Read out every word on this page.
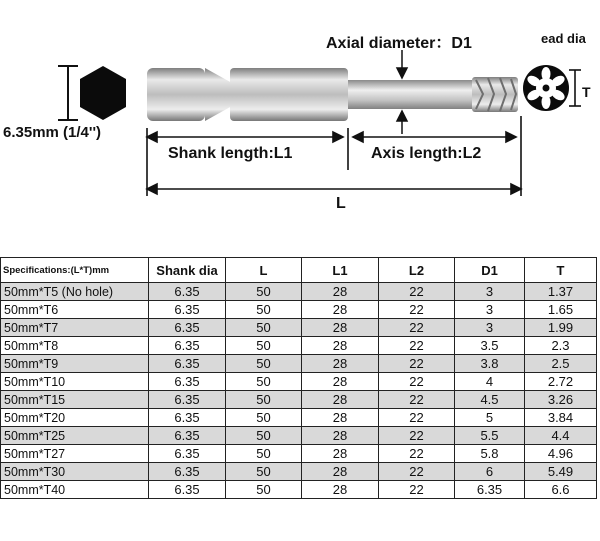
6.35mm (1/4'')
Axial diameter：D1	ead dia
T
Shank length:L1	Axis length:L2
L
Specifications:(L*T)mm	Shank dia	L	L1	L2	D1	T
50mm*T5 (No hole)	6.35	50	28	22	3	1.37
50mm*T6	6.35	50	28	22	3	1.65
50mm*T7	6.35	50	28	22	3	1.99
50mm*T8	6.35	50	28	22	3.5	2.3
50mm*T9	6.35	50	28	22	3.8	2.5
50mm*T10	6.35	50	28	22	4	2.72
50mm*T15	6.35	50	28	22	4.5	3.26
50mm*T20	6.35	50	28	22	5	3.84
50mm*T25	6.35	50	28	22	5.5	4.4
50mm*T27	6.35	50	28	22	5.8	4.96
50mm*T30	6.35	50	28	22	6	5.49
50mm*T40	6.35	50	28	22	6.35	6.6
